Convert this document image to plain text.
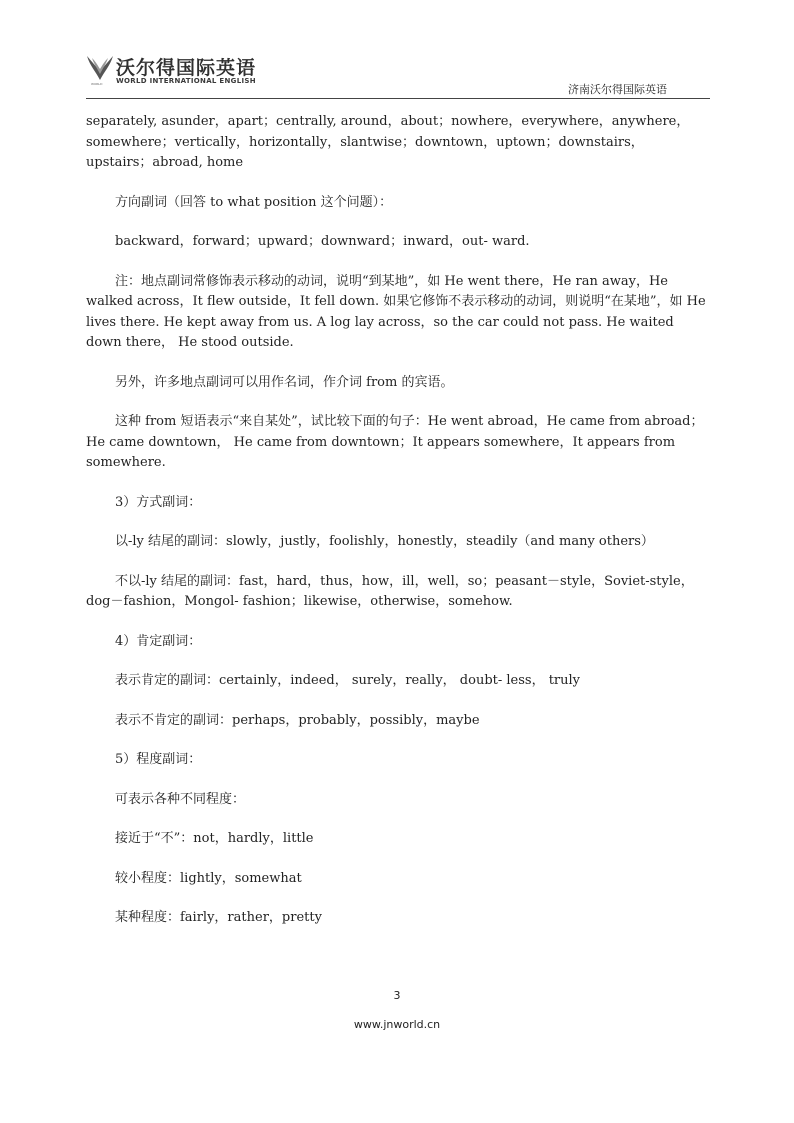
WORLD
沃尔得国际英语
WORLD INTERNATIONAL ENGLISH
济南沃尔得国际英语

separately, asunder，apart；centrally, around，about；nowhere，everywhere，anywhere，somewhere；vertically，horizontally，slantwise；downtown，uptown；downstairs，upstairs；abroad, home

方向副词（回答 to what position 这个问题）：

backward，forward；upward；downward；inward，out- ward.

注：地点副词常修饰表示移动的动词，说明“到某地”，如 He went there，He ran away，He walked across，It flew outside，It fell down. 如果它修饰不表示移动的动词，则说明“在某地”，如 He lives there. He kept away from us. A log lay across，so the car could not pass. He waited down there， He stood outside.

另外，许多地点副词可以用作名词，作介词 from 的宾语。

这种 from 短语表示“来自某处”，试比较下面的句子：He went abroad，He came from abroad；He came downtown， He came from downtown；It appears somewhere，It appears from somewhere.

3）方式副词：

以-ly 结尾的副词：slowly，justly，foolishly，honestly，steadily（and many others）

不以-ly 结尾的副词：fast，hard，thus，how，ill，well，so；peasant－style，Soviet-style，dog－fashion，Mongol- fashion；likewise，otherwise，somehow.

4）肯定副词：

表示肯定的副词：certainly，indeed， surely，really， doubt- less， truly

表示不肯定的副词：perhaps，probably，possibly，maybe

5）程度副词：

可表示各种不同程度：

接近于“不”：not，hardly，little

较小程度：lightly，somewhat

某种程度：fairly，rather，pretty

3
www.jnworld.cn
